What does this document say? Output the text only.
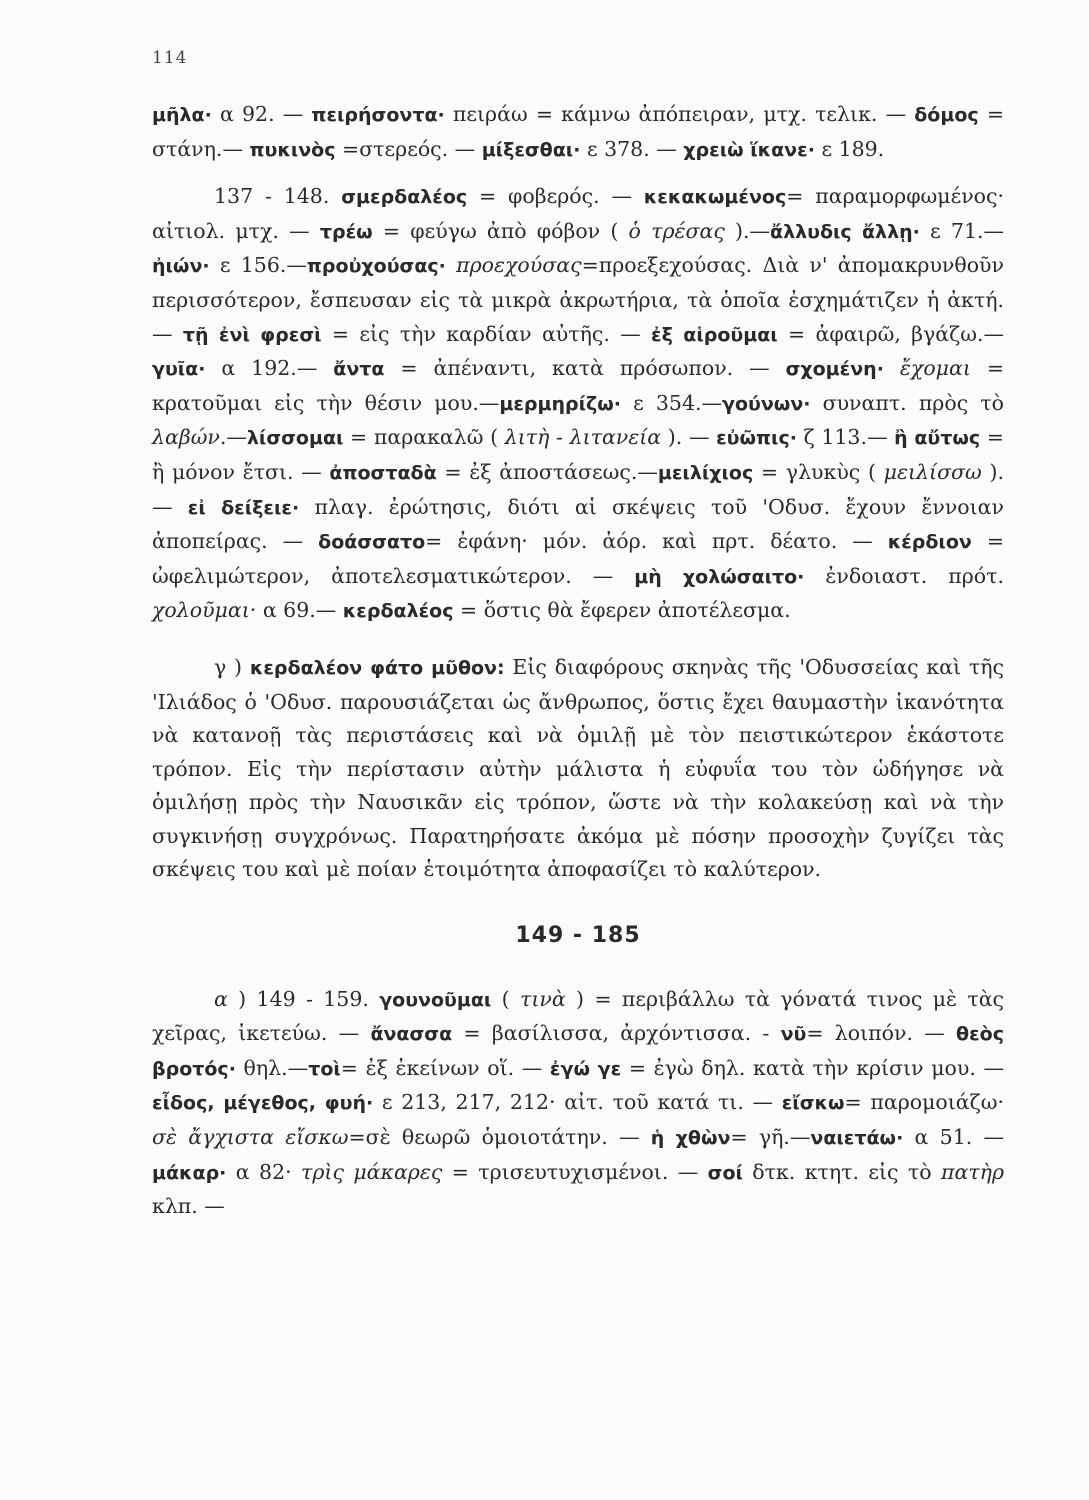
114

μῆλα· α 92. — πειρήσοντα· πειράω = κάμνω ἀπόπειραν, μτχ. τελικ. — δόμος = στάνη.— πυκινὸς =στερεός. — μίξεσθαι· ε 378. — χρειὼ ἵκανε· ε 189.

137 - 148. σμερδαλέος = φοβερός. — κεκακωμένος= παραμορφωμένος· αἰτιολ. μτχ. — τρέω = φεύγω ἀπὸ φόβον ( ὁ τρέσας ).—ἄλλυδις ἄλλῃ· ε 71.—ἠιών· ε 156.—προὐχούσας· προεχούσας=προεξεχούσας. Διὰ ν' ἀπομακρυνθοῦν περισσότερον, ἔσπευσαν εἰς τὰ μικρὰ ἀκρωτήρια, τὰ ὁποῖα ἐσχημάτιζεν ἡ ἀκτή. — τῇ ἐνὶ φρεσὶ = εἰς τὴν καρδίαν αὐτῆς. — ἐξ αἱροῦμαι = ἀφαιρῶ, βγάζω.—γυῖα· α 192.— ἄντα = ἀπέναντι, κατὰ πρόσωπον. — σχομένη· ἔχομαι = κρατοῦμαι εἰς τὴν θέσιν μου.—μερμηρίζω· ε 354.—γούνων· συναπτ. πρὸς τὸ λαβών.—λίσσομαι = παρακαλῶ ( λιτὴ - λιτανεία ). — εὐῶπις· ζ 113.— ἢ αὔτως = ἢ μόνον ἔτσι. — ἀποσταδὰ = ἐξ ἀποστάσεως.—μειλίχιος = γλυκὺς ( μειλίσσω ). — εἰ δείξειε· πλαγ. ἐρώτησις, διότι αἱ σκέψεις τοῦ 'Οδυσ. ἔχουν ἔννοιαν ἀποπείρας. — δοάσσατο= ἐφάνη· μόν. ἀόρ. καὶ πρτ. δέατο. — κέρδιον = ὠφελιμώτερον, ἀποτελεσματικώτερον. — μὴ χολώσαιτο· ἐνδοιαστ. πρότ. χολοῦμαι· α 69.— κερδαλέος = ὅστις θὰ ἔφερεν ἀποτέλεσμα.

γ ) κερδαλέον φάτο μῦθον: Εἰς διαφόρους σκηνὰς τῆς 'Οδυσσείας καὶ τῆς 'Ιλιάδος ὁ 'Οδυσ. παρουσιάζεται ὡς ἄνθρωπος, ὅστις ἔχει θαυμαστὴν ἱκανότητα νὰ κατανοῇ τὰς περιστάσεις καὶ νὰ ὁμιλῇ μὲ τὸν πειστικώτερον ἑκάστοτε τρόπον. Εἰς τὴν περίστασιν αὐτὴν μάλιστα ἡ εὐφυΐα του τὸν ὡδήγησε νὰ ὁμιλήσῃ πρὸς τὴν Ναυσικᾶν εἰς τρόπον, ὥστε νὰ τὴν κολακεύσῃ καὶ νὰ τὴν συγκινήσῃ συγχρόνως. Παρατηρήσατε ἀκόμα μὲ πόσην προσοχὴν ζυγίζει τὰς σκέψεις του καὶ μὲ ποίαν ἑτοιμότητα ἀποφασίζει τὸ καλύτερον.

149 - 185

α ) 149 - 159. γουνοῦμαι ( τινὰ ) = περιβάλλω τὰ γόνατά τινος μὲ τὰς χεῖρας, ἱκετεύω. — ἄνασσα = βασίλισσα, ἀρχόντισσα. - νῦ= λοιπόν. — θεὸς βροτός· θηλ.—τοὶ= ἐξ ἐκείνων οἵ. — ἐγώ γε = ἐγὼ δηλ. κατὰ τὴν κρίσιν μου. — εἶδος, μέγεθος, φυή· ε 213, 217, 212· αἰτ. τοῦ κατά τι. — εἴσκω= παρομοιάζω· σὲ ἄγχιστα εἴσκω=σὲ θεωρῶ ὁμοιοτάτην. — ἡ χθὼν= γῆ.—ναιετάω· α 51. — μάκαρ· α 82· τρὶς μάκαρες = τρισευτυχισμένοι. — σοί δτκ. κτητ. εἰς τὸ πατὴρ κλπ. —
